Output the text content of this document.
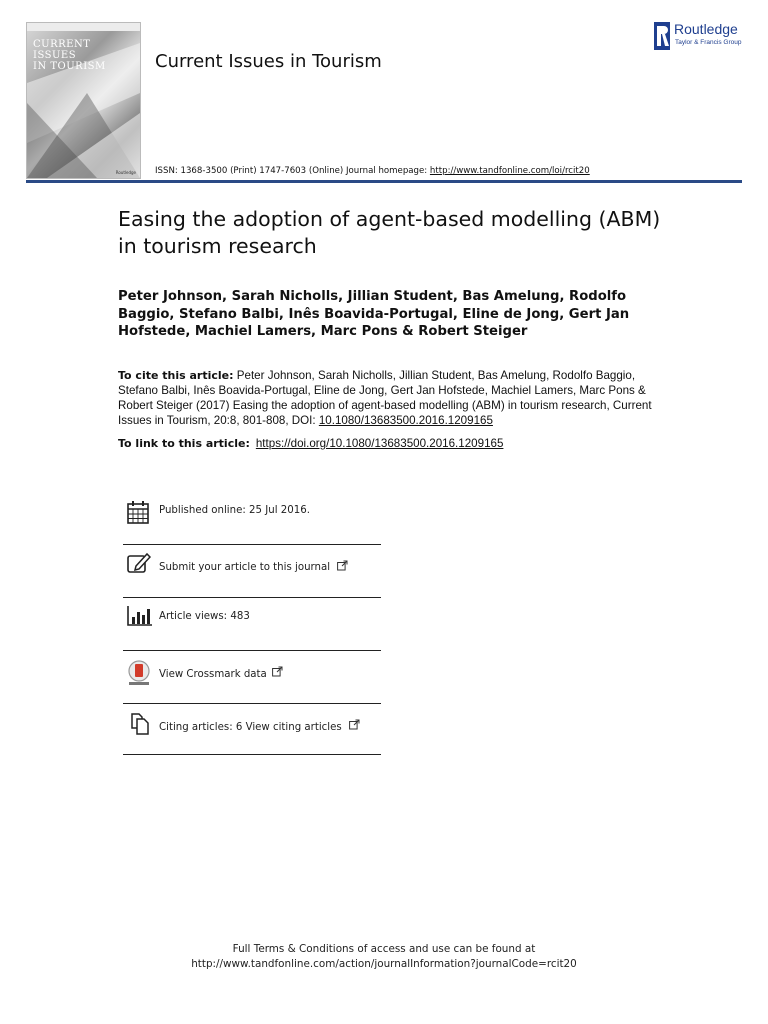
CURRENT ISSUES
IN TOURISM
Routledge
Current Issues in Tourism
Routledge
Taylor & Francis Group
ISSN: 1368-3500 (Print) 1747-7603 (Online) Journal homepage: http://www.tandfonline.com/loi/rcit20
Easing the adoption of agent-based modelling (ABM) in tourism research
Peter Johnson, Sarah Nicholls, Jillian Student, Bas Amelung, Rodolfo Baggio, Stefano Balbi, Inês Boavida-Portugal, Eline de Jong, Gert Jan Hofstede, Machiel Lamers, Marc Pons & Robert Steiger
To cite this article: Peter Johnson, Sarah Nicholls, Jillian Student, Bas Amelung, Rodolfo Baggio, Stefano Balbi, Inês Boavida-Portugal, Eline de Jong, Gert Jan Hofstede, Machiel Lamers, Marc Pons & Robert Steiger (2017) Easing the adoption of agent-based modelling (ABM) in tourism research, Current Issues in Tourism, 20:8, 801-808, DOI: 10.1080/13683500.2016.1209165
To link to this article: https://doi.org/10.1080/13683500.2016.1209165
Published online: 25 Jul 2016.
Submit your article to this journal
Article views: 483
View Crossmark data
Citing articles: 6 View citing articles
Full Terms & Conditions of access and use can be found at
http://www.tandfonline.com/action/journalInformation?journalCode=rcit20
